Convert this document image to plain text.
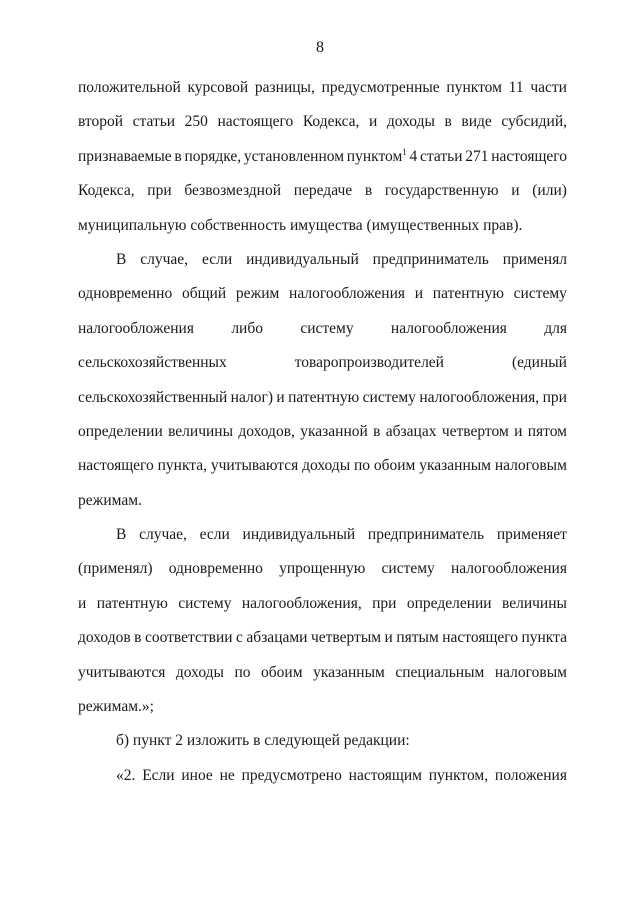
8
положительной курсовой разницы, предусмотренные пунктом 11 части
второй статьи 250 настоящего Кодекса, и доходы в виде субсидий,
признаваемые в порядке, установленном пунктом$^1$ 4 статьи 271 настоящего
Кодекса, при безвозмездной передаче в государственную и (или)
муниципальную собственность имущества (имущественных прав).
В случае, если индивидуальный предприниматель применял
одновременно общий режим налогообложения и патентную систему
налогообложения либо систему налогообложения для
сельскохозяйственных	товаропроизводителей	(единый
сельскохозяйственный налог) и патентную систему налогообложения, при
определении величины доходов, указанной в абзацах четвертом и пятом
настоящего пункта, учитываются доходы по обоим указанным налоговым
режимам.
В случае, если индивидуальный предприниматель применяет
(применял) одновременно упрощенную систему налогообложения
и патентную систему налогообложения, при определении величины
доходов в соответствии с абзацами четвертым и пятым настоящего пункта
учитываются доходы по обоим указанным специальным налоговым
режимам.»;
б) пункт 2 изложить в следующей редакции:
«2. Если иное не предусмотрено настоящим пунктом, положения
